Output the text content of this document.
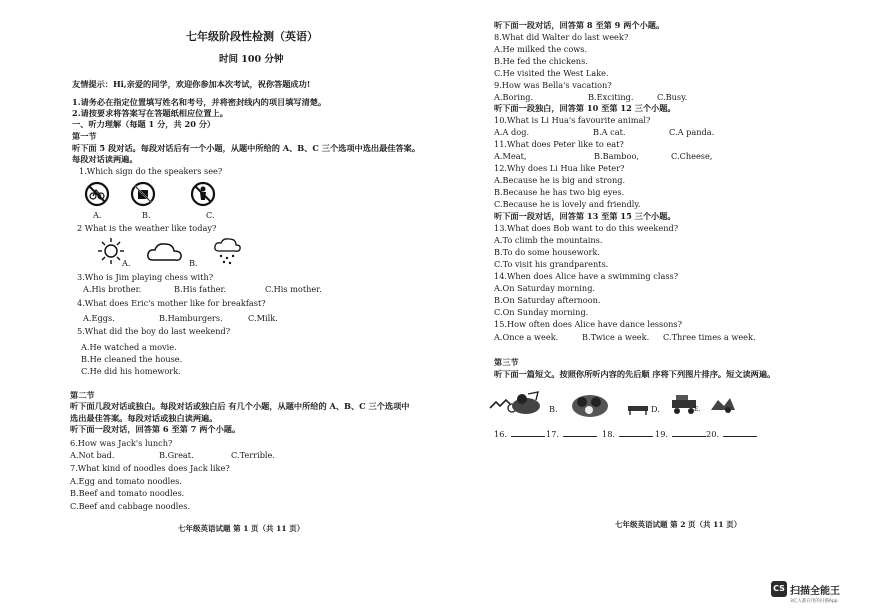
七年级阶段性检测（英语）
时间 100 分钟
友情提示：Hi,亲爱的同学，欢迎你参加本次考试，祝你答题成功!
1.请务必在指定位置填写姓名和考号，并将密封线内的项目填写清楚。
2.请按要求将答案写在答题纸相应位置上。
一、听力理解（每题 1 分，共 20 分）
第一节
听下面 5 段对话。每段对话后有一个小题，从题中所给的 A、B、C 三个选项中选出最佳答案。
每段对话读两遍。
1.Which sign do the speakers see?
A.	B.	C.
2 What is the weather like today?
A.	B.
3.Who is Jim playing chess with?
A.His brother.	B.His father.	C.His mother.
4.What does Eric's mother like for breakfast?
A.Eggs.	B.Hamburgers.	C.Milk.
5.What did the boy do last weekend?
A.He watched a movie.
B.He cleaned the house.
C.He did his homework.
第二节
听下面几段对话或独白。每段对话或独白后 有几个小题，从题中所给的 A、B、C 三个选项中
选出最佳答案。每段对话或独白读两遍。
听下面一段对话，回答第 6 至第 7 两个小题。
6.How was Jack's lunch?
A.Not bad.	B.Great.	C.Terrible.
7.What kind of noodles does Jack like?
A.Egg and tomato noodles.
B.Beef and tomato noodles.
C.Beef and cabbage noodles.
七年级英语试题 第 1 页（共 11 页）
听下面一段对话，回答第 8 至第 9 两个小题。
8.What did Walter do last week?
A.He milked the cows.
B.He fed the chickens.
C.He visited the West Lake.
9.How was Bella's vacation?
A.Boring.	B.Exciting.	C.Busy.
听下面一段独白，回答第 10 至第 12 三个小题。
10.What is Li Hua's favourite animal?
A.A dog.	B.A cat.	C.A panda.
11.What does Peter like to eat?
A.Meat,	B.Bamboo,	C.Cheese,
12.Why does Li Hua like Peter?
A.Because he is big and strong.
B.Because he has two big eyes.
C.Because he is lovely and friendly.
听下面一段对话，回答第 13 至第 15 三个小题。
13.What does Bob want to do this weekend?
A.To climb the mountains.
B.To do some housework.
C.To visit his grandparents.
14.When does Alice have a swimming class?
A.On Saturday morning.
B.On Saturday afternoon.
C.On Sunday morning.
15.How often does Alice have dance lessons?
A.Once a week.	B.Twice a week. C.Three times a week.
第三节
听下面一篇短文。按照你所听内容的先后顺 序将下列图片排序。短文读两遍。
B.	D.	E.
16.	17.	18.	19.	20.
七年级英语试题 第 2 页（共 11 页）
CS 扫描全能王
3亿人都在用的扫描App
